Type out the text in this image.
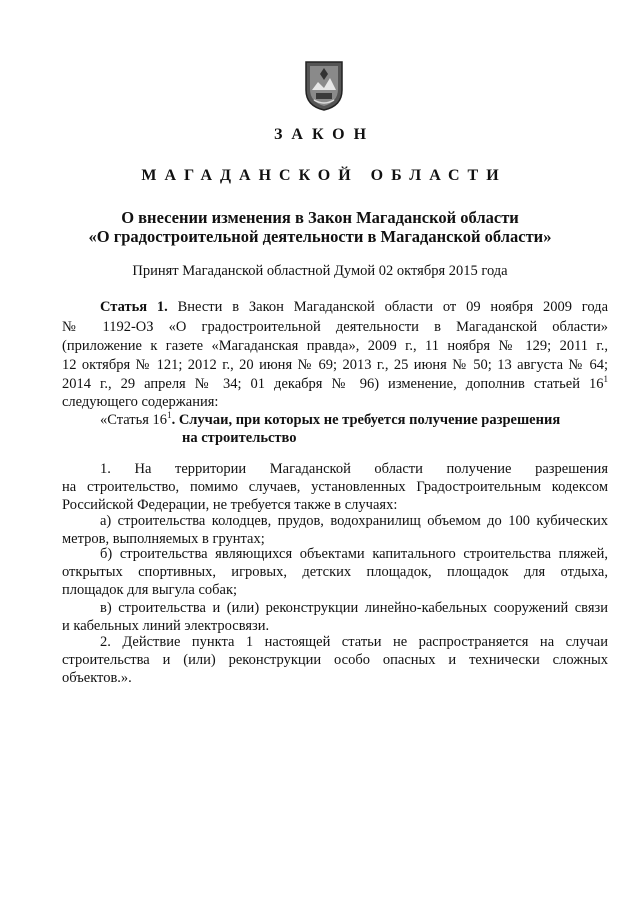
ЗАКОН
МАГАДАНСКОЙ ОБЛАСТИ
О внесении изменения в Закон Магаданской области
«О градостроительной деятельности в Магаданской области»
Принят Магаданской областной Думой 02 октября 2015 года
Статья 1. Внести в Закон Магаданской области от 09 ноября 2009 года
№ 1192-ОЗ «О градостроительной деятельности в Магаданской области»
(приложение к газете «Магаданская правда», 2009 г., 11 ноября № 129; 2011 г.,
12 октября № 121; 2012 г., 20 июня № 69; 2013 г., 25 июня № 50; 13 августа № 64;
2014 г., 29 апреля № 34; 01 декабря № 96) изменение, дополнив статьей $16^1$
следующего содержания:
«Статья $16^1$. Случаи, при которых не требуется получение разрешения
на строительство
1. На территории Магаданской области получение разрешения
на строительство, помимо случаев, установленных Градостроительным кодексом
Российской Федерации, не требуется также в случаях:
а) строительства колодцев, прудов, водохранилищ объемом до 100 кубических
метров, выполняемых в грунтах;
б) строительства являющихся объектами капитального строительства пляжей,
открытых спортивных, игровых, детских площадок, площадок для отдыха,
площадок для выгула собак;
в) строительства и (или) реконструкции линейно-кабельных сооружений связи
и кабельных линий электросвязи.
2. Действие пункта 1 настоящей статьи не распространяется на случаи
строительства и (или) реконструкции особо опасных и технически сложных
объектов.».
